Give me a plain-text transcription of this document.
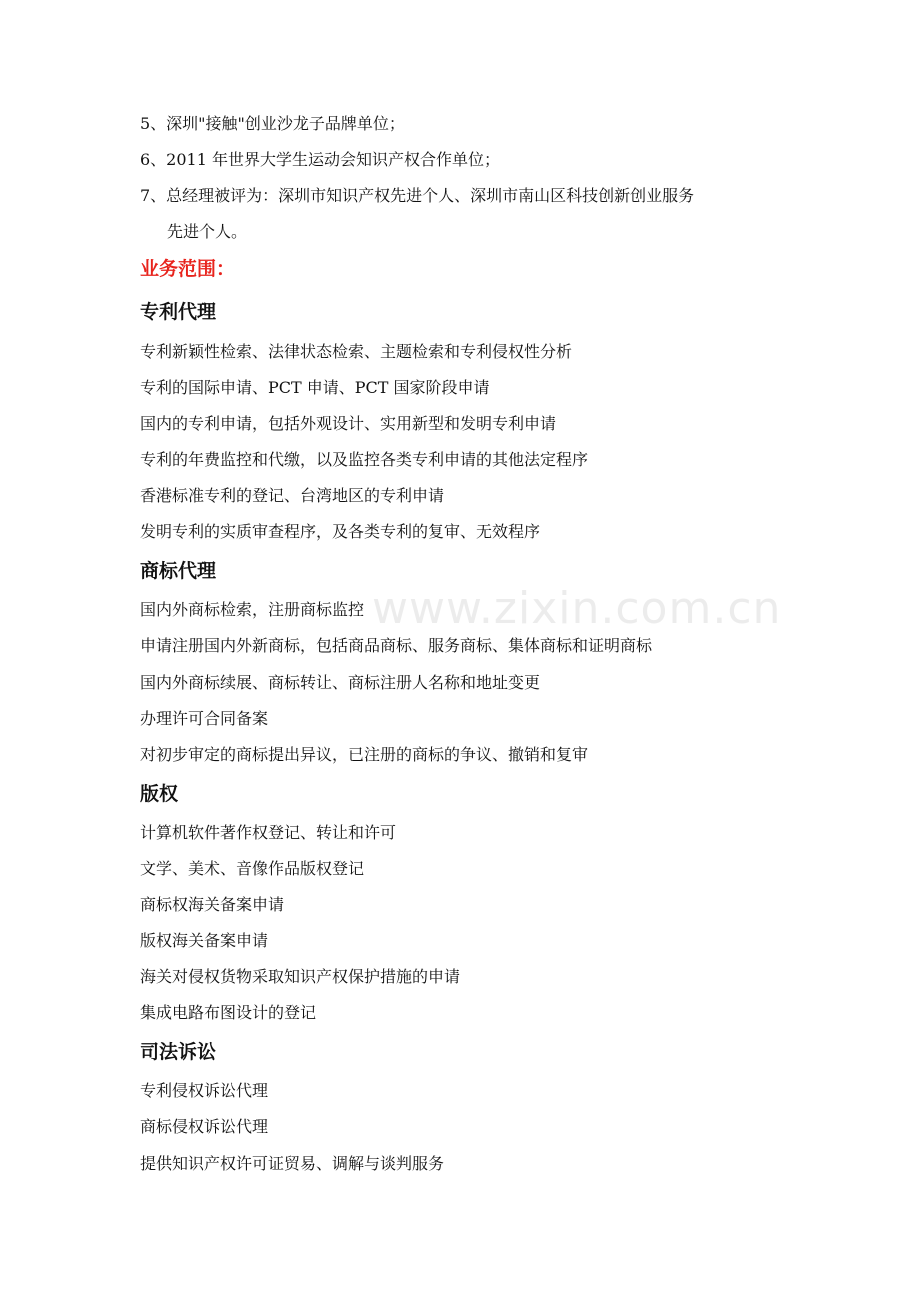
www.zixin.com.cn
5、深圳"接触"创业沙龙子品牌单位；
6、2011 年世界大学生运动会知识产权合作单位；
7、总经理被评为：深圳市知识产权先进个人、深圳市南山区科技创新创业服务
先进个人。
业务范围：
专利代理
专利新颖性检索、法律状态检索、主题检索和专利侵权性分析
专利的国际申请、PCT 申请、PCT 国家阶段申请
国内的专利申请，包括外观设计、实用新型和发明专利申请
专利的年费监控和代缴，以及监控各类专利申请的其他法定程序
香港标准专利的登记、台湾地区的专利申请
发明专利的实质审查程序，及各类专利的复审、无效程序
商标代理
国内外商标检索，注册商标监控
申请注册国内外新商标，包括商品商标、服务商标、集体商标和证明商标
国内外商标续展、商标转让、商标注册人名称和地址变更
办理许可合同备案
对初步审定的商标提出异议，已注册的商标的争议、撤销和复审
版权
计算机软件著作权登记、转让和许可
文学、美术、音像作品版权登记
商标权海关备案申请
版权海关备案申请
海关对侵权货物采取知识产权保护措施的申请
集成电路布图设计的登记
司法诉讼
专利侵权诉讼代理
商标侵权诉讼代理
提供知识产权许可证贸易、调解与谈判服务
